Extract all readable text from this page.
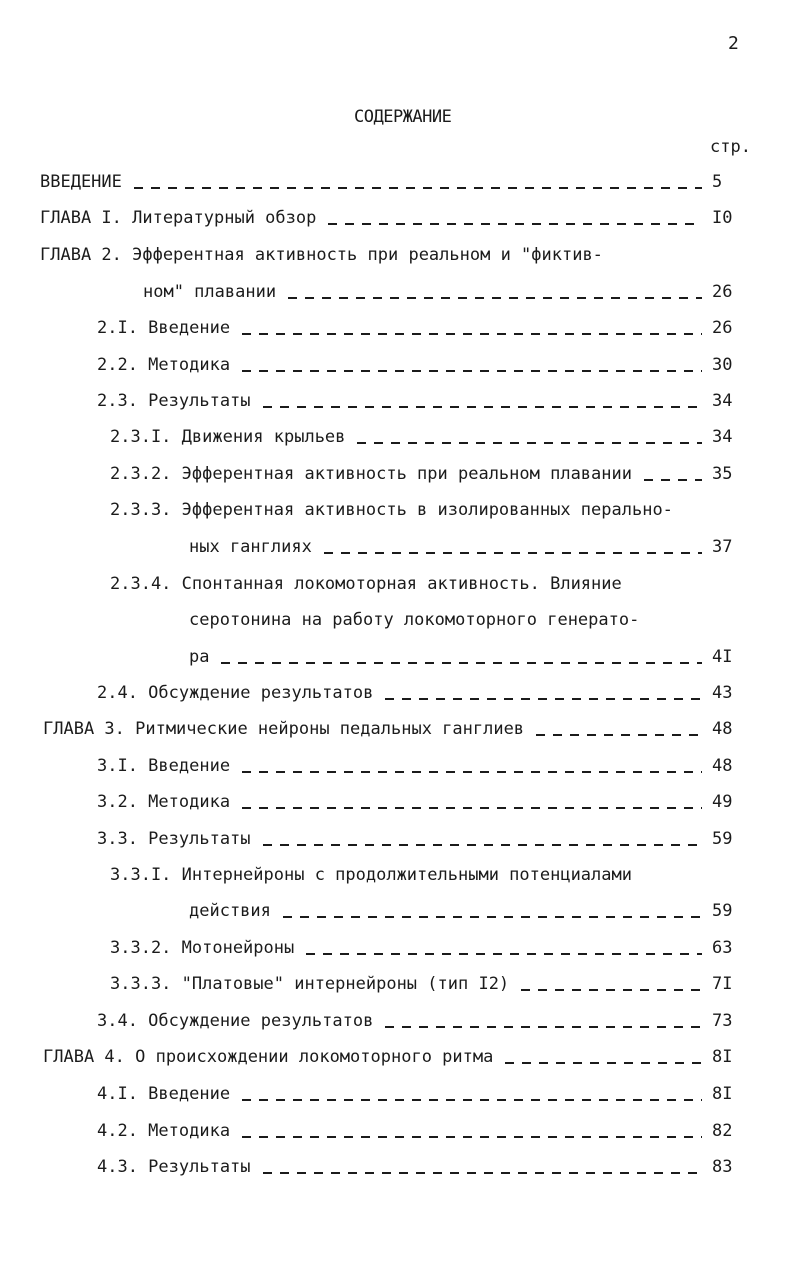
2
СОДЕРЖАНИЕ
стр.
ВВЕДЕНИЕ	5
ГЛАВА I. Литературный обзор	I0
ГЛАВА 2. Эфферентная активность при реальном и "фиктив-
ном" плавании	26
2.I. Введение	26
2.2. Методика	30
2.3. Результаты	34
2.3.I. Движения крыльев	34
2.3.2. Эфферентная активность при реальном плавании	35
2.3.3. Эфферентная активность в изолированных перально-
ных ганглиях	37
2.3.4. Спонтанная локомоторная активность. Влияние
серотонина на работу локомоторного генерато-
ра	4I
2.4. Обсуждение результатов	43
ГЛАВА 3. Ритмические нейроны педальных ганглиев	48
3.I. Введение	48
3.2. Методика	49
3.3. Результаты	59
3.3.I. Интернейроны с продолжительными потенциалами
действия	59
3.3.2. Мотонейроны	63
3.3.3. "Платовые" интернейроны (тип I2)	7I
3.4. Обсуждение результатов	73
ГЛАВА 4. О происхождении локомоторного ритма	8I
4.I. Введение	8I
4.2. Методика	82
4.3. Результаты	83
